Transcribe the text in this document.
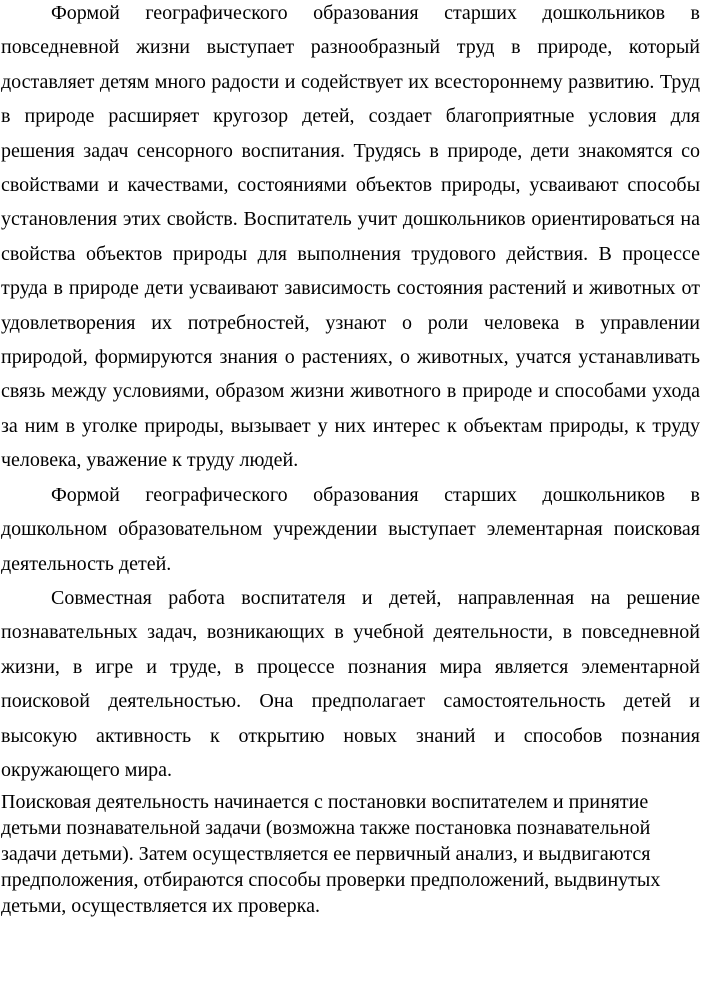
Формой географического образования старших дошкольников в повседневной жизни выступает разнообразный труд в природе, который доставляет детям много радости и содействует их всестороннему развитию. Труд в природе расширяет кругозор детей, создает благоприятные условия для решения задач сенсорного воспитания. Трудясь в природе, дети знакомятся со свойствами и качествами, состояниями объектов природы, усваивают способы установления этих свойств. Воспитатель учит дошкольников ориентироваться на свойства объектов природы для выполнения трудового действия. В процессе труда в природе дети усваивают зависимость состояния растений и животных от удовлетворения их потребностей, узнают о роли человека в управлении природой, формируются знания о растениях, о животных, учатся устанавливать связь между условиями, образом жизни животного в природе и способами ухода за ним в уголке природы, вызывает у них интерес к объектам природы, к труду человека, уважение к труду людей.

Формой географического образования старших дошкольников в дошкольном образовательном учреждении выступает элементарная поисковая деятельность детей.

Совместная работа воспитателя и детей, направленная на решение познавательных задач, возникающих в учебной деятельности, в повседневной жизни, в игре и труде, в процессе познания мира является элементарной поисковой деятельностью. Она предполагает самостоятельность детей и высокую активность к открытию новых знаний и способов познания окружающего мира.

Поисковая деятельность начинается с постановки воспитателем и принятие детьми познавательной задачи (возможна также постановка познавательной задачи детьми). Затем осуществляется ее первичный анализ, и выдвигаются предположения, отбираются способы проверки предположений, выдвинутых детьми, осуществляется их проверка.
